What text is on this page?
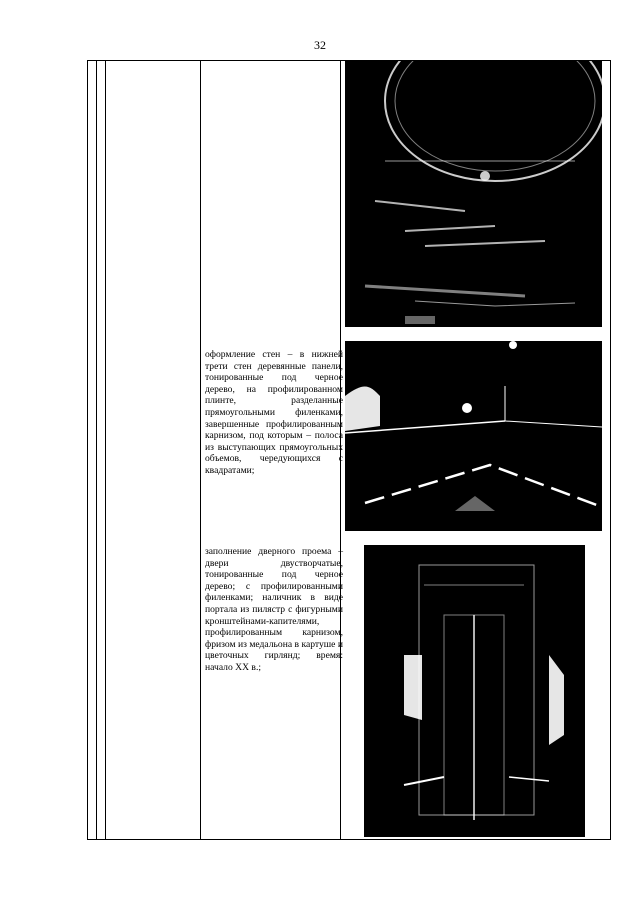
32

оформление стен – в нижней трети стен деревянные панели, тонированные под черное дерево, на профилированном плинте, разделанные прямоугольными филенками, завершенные профилированным карнизом, под которым – полоса из выступающих прямоугольных объемов, чередующихся с квадратами;

заполнение дверного проема – двери двустворчатые, тонированные под черное дерево; с профилированными филенками; наличник в виде портала из пилястр с фигурными кронштейнами-капителями, профилированным карнизом, фризом из медальона в картуше и цветочных гирлянд; время: начало XX в.;
